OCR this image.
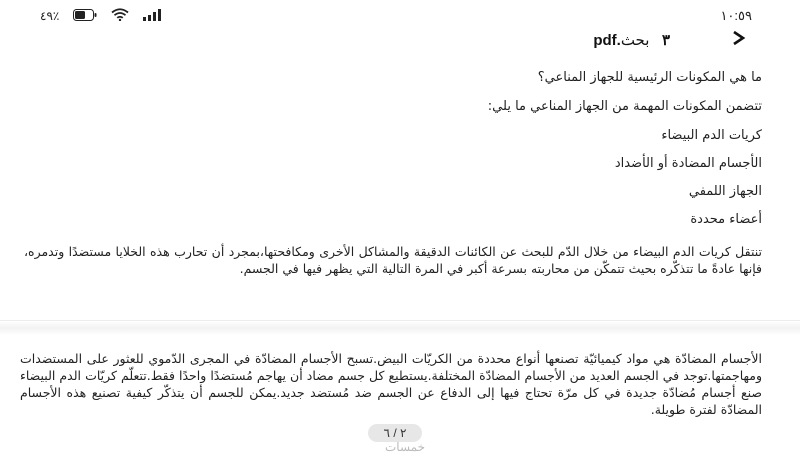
٤٩٪	١٠:٥٩
pdf.٣   بحث

ما هي المكونات الرئيسية للجهاز المناعي؟

تتضمن المكونات المهمة من الجهاز المناعي ما يلي:

كريات الدم البيضاء

الأجسام المضادة أو الأضداد

الجهاز اللمفي

أعضاء محددة

تنتقل كريات الدم البيضاء من خلال الدّم للبحث عن الكائنات الدقيقة والمشاكل الأخرى ومكافحتها،بمجرد أن تحارب هذه الخلايا مستضدًا وتدمره، فإنها عادةً ما تتذكّره بحيث تتمكّن من محاربته بسرعة أكبر في المرة التالية التي يظهر فيها في الجسم.

الأجسام المضادّة هي مواد كيميائيّة تصنعها أنواع محددة من الكريّات البيض.تسبح الأجسام المضادّة في المجرى الدّموي للعثور على المستضدات ومهاجمتها.توجد في الجسم العديد من الأجسام المضادّة المختلفة.يستطيع كل جسم مضاد أن يهاجم مُستضدًا واحدًا فقط.تتعلّم كريّات الدم البيضاء صنع أجسام مُضادّة جديدة في كل مرّة تحتاج فيها إلى الدفاع عن الجسم ضد مُستضد جديد.يمكن للجسم أن يتذكّر كيفية تصنيع هذه الأجسام المضادّة لفترة طويلة.

٢ / ٦
خمسات
